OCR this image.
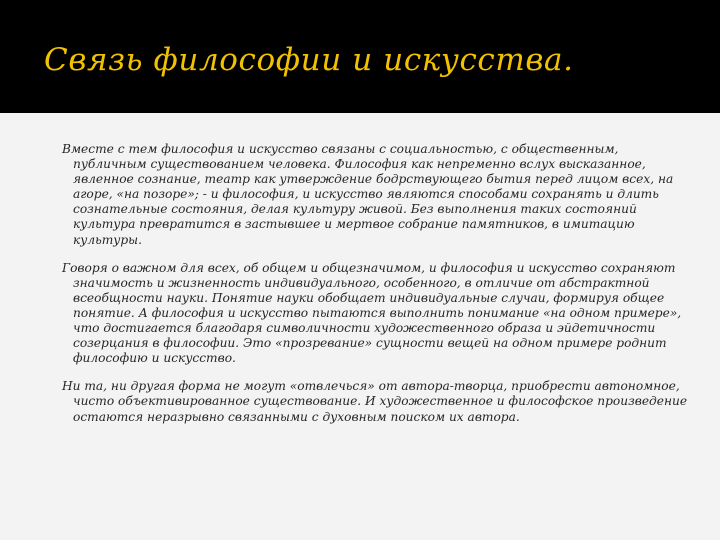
Связь философии и искусства.

Вместе с тем философия и искусство связаны с социальностью, с общественным, публичным существованием человека. Философия как непременно вслух высказанное, явленное сознание, театр как утверждение бодрствующего бытия перед лицом всех, на агоре, «на позоре»; - и философия, и искусство являются способами сохранять и длить сознательные состояния, делая культуру живой. Без выполнения таких состояний культура превратится в застывшее и мертвое собрание памятников, в имитацию культуры.

Говоря о важном для всех, об общем и общезначимом, и философия и искусство сохраняют значимость и жизненность индивидуального, особенного, в отличие от абстрактной всеобщности науки. Понятие науки обобщает индивидуальные случаи, формируя общее понятие. А философия и искусство пытаются выполнить понимание «на одном примере», что достигается благодаря символичности художественного образа и эйдетичности созерцания в философии. Это «прозревание» сущности вещей на одном примере роднит философию и искусство.

Ни та, ни другая форма не могут «отвлечься» от автора-творца, приобрести автономное, чисто объективированное существование. И художественное и философское произведение остаются неразрывно связанными с духовным поиском их автора.
